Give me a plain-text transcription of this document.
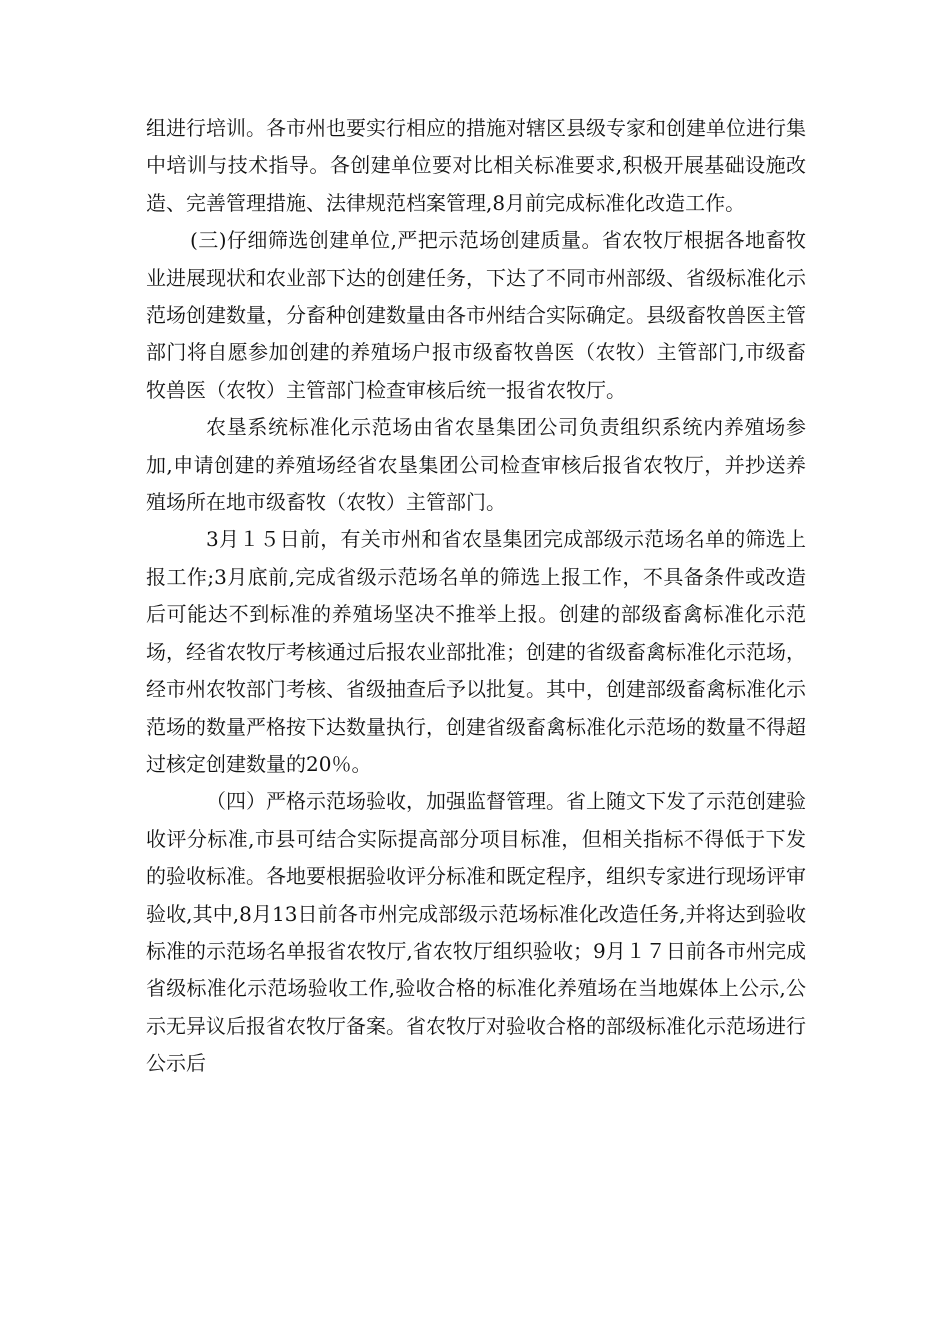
组进行培训。各市州也要实行相应的措施对辖区县级专家和创建单位进行集中培训与技术指导。各创建单位要对比相关标准要求,积极开展基础设施改造、完善管理措施、法律规范档案管理,8月前完成标准化改造工作。

(三)仔细筛选创建单位,严把示范场创建质量。省农牧厅根据各地畜牧业进展现状和农业部下达的创建任务，下达了不同市州部级、省级标准化示范场创建数量，分畜种创建数量由各市州结合实际确定。县级畜牧兽医主管部门将自愿参加创建的养殖场户报市级畜牧兽医（农牧）主管部门,市级畜牧兽医（农牧）主管部门检查审核后统一报省农牧厅。

农垦系统标准化示范场由省农垦集团公司负责组织系统内养殖场参加,申请创建的养殖场经省农垦集团公司检查审核后报省农牧厅，并抄送养殖场所在地市级畜牧（农牧）主管部门。

3月１５日前，有关市州和省农垦集团完成部级示范场名单的筛选上报工作;3月底前,完成省级示范场名单的筛选上报工作，不具备条件或改造后可能达不到标准的养殖场坚决不推举上报。创建的部级畜禽标准化示范场，经省农牧厅考核通过后报农业部批准；创建的省级畜禽标准化示范场，经市州农牧部门考核、省级抽查后予以批复。其中，创建部级畜禽标准化示范场的数量严格按下达数量执行，创建省级畜禽标准化示范场的数量不得超过核定创建数量的20％。

（四）严格示范场验收，加强监督管理。省上随文下发了示范创建验收评分标准,市县可结合实际提高部分项目标准，但相关指标不得低于下发的验收标准。各地要根据验收评分标准和既定程序，组织专家进行现场评审验收,其中,8月13日前各市州完成部级示范场标准化改造任务,并将达到验收标准的示范场名单报省农牧厅,省农牧厅组织验收；9月１７日前各市州完成省级标准化示范场验收工作,验收合格的标准化养殖场在当地媒体上公示,公示无异议后报省农牧厅备案。省农牧厅对验收合格的部级标准化示范场进行公示后
